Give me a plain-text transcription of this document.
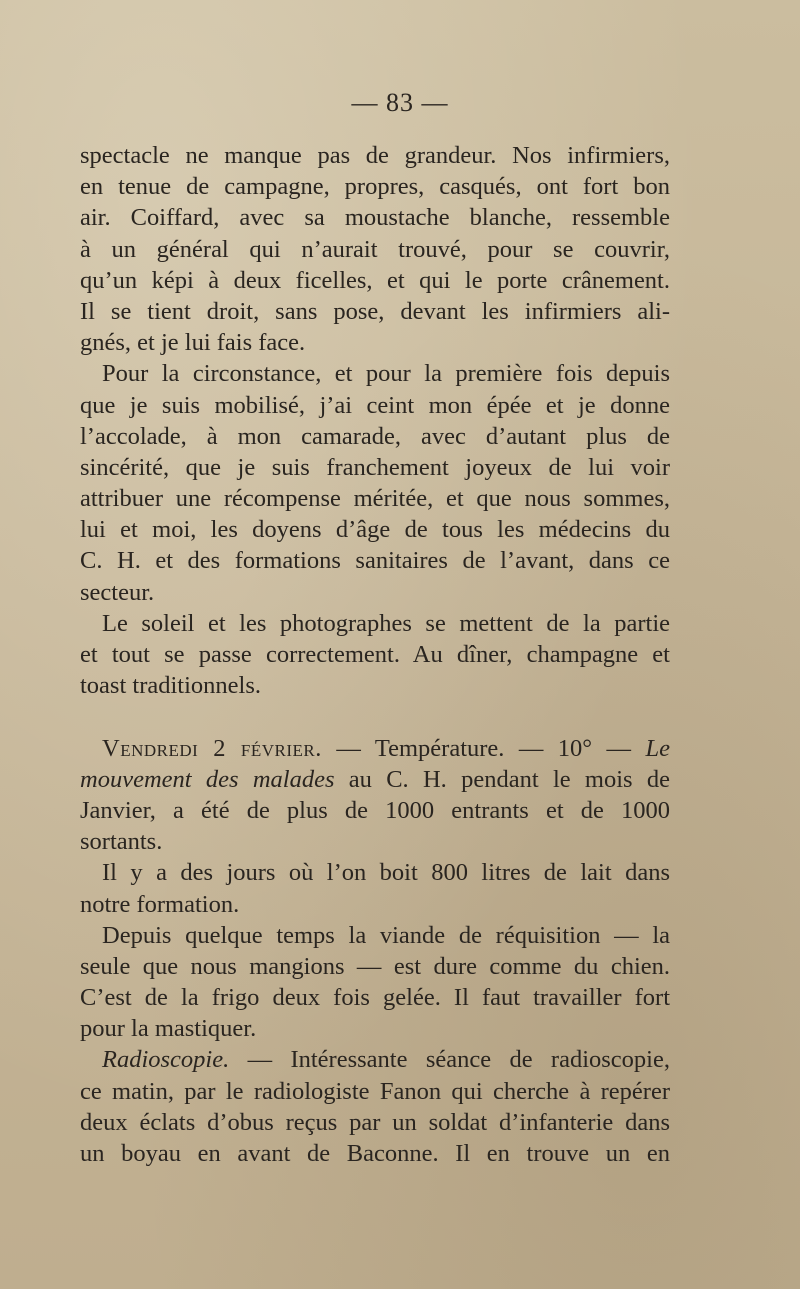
— 83 —
spectacle ne manque pas de grandeur. Nos infirmiers,
en tenue de campagne, propres, casqués, ont fort bon
air. Coiffard, avec sa moustache blanche, ressemble
à un général qui n’aurait trouvé, pour se couvrir,
qu’un képi à deux ficelles, et qui le porte crânement.
Il se tient droit, sans pose, devant les infirmiers ali-
gnés, et je lui fais face.
Pour la circonstance, et pour la première fois depuis
que je suis mobilisé, j’ai ceint mon épée et je donne
l’accolade, à mon camarade, avec d’autant plus de
sincérité, que je suis franchement joyeux de lui voir
attribuer une récompense méritée, et que nous sommes,
lui et moi, les doyens d’âge de tous les médecins du
C. H. et des formations sanitaires de l’avant, dans ce
secteur.
Le soleil et les photographes se mettent de la partie
et tout se passe correctement. Au dîner, champagne et
toast traditionnels.
Vendredi 2 février. — Température. — 10° — Le
mouvement des malades au C. H. pendant le mois de
Janvier, a été de plus de 1000 entrants et de 1000
sortants.
Il y a des jours où l’on boit 800 litres de lait dans
notre formation.
Depuis quelque temps la viande de réquisition — la
seule que nous mangions — est dure comme du chien.
C’est de la frigo deux fois gelée. Il faut travailler fort
pour la mastiquer.
Radioscopie. — Intéressante séance de radioscopie,
ce matin, par le radiologiste Fanon qui cherche à repérer
deux éclats d’obus reçus par un soldat d’infanterie dans
un boyau en avant de Baconne. Il en trouve un en
